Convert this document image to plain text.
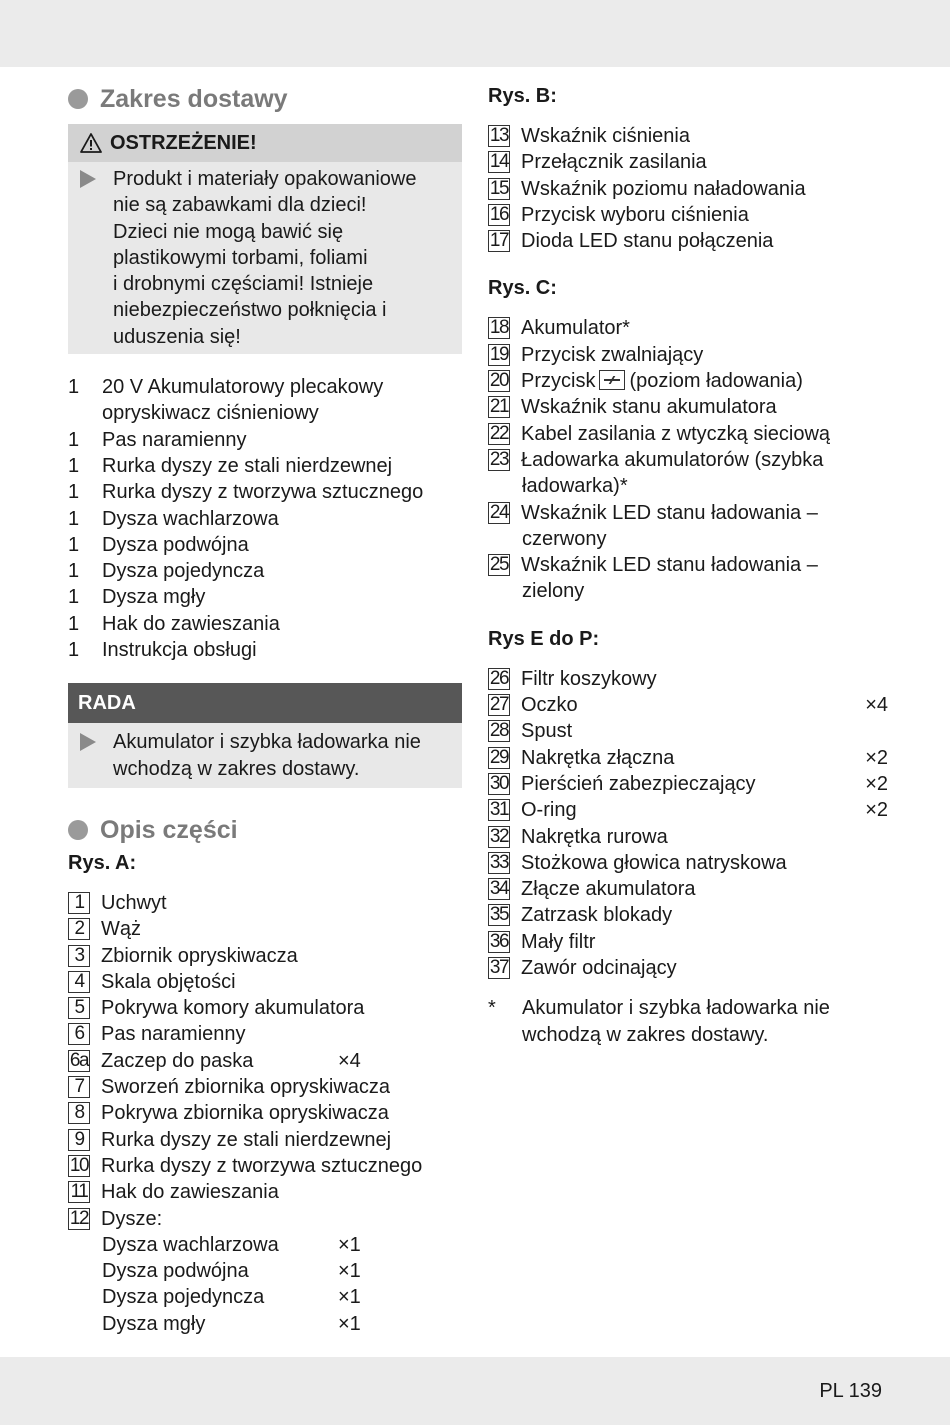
Zakres dostawy
OSTRZEŻENIE!
Produkt i materiały opakowaniowe
nie są zabawkami dla dzieci!
Dzieci nie mogą bawić się
plastikowymi torbami, foliami
i drobnymi częściami! Istnieje
niebezpieczeństwo połknięcia i
uduszenia się!
1	20 V Akumulatorowy plecakowy
opryskiwacz ciśnieniowy
1	Pas naramienny
1	Rurka dyszy ze stali nierdzewnej
1	Rurka dyszy z tworzywa sztucznego
1	Dysza wachlarzowa
1	Dysza podwójna
1	Dysza pojedyncza
1	Dysza mgły
1	Hak do zawieszania
1	Instrukcja obsługi
RADA
Akumulator i szybka ładowarka nie
wchodzą w zakres dostawy.
Opis części
Rys. A:
1 Uchwyt
2 Wąż
3 Zbiornik opryskiwacza
4 Skala objętości
5 Pokrywa komory akumulatora
6 Pas naramienny
6a Zaczep do paska	×4
7 Sworzeń zbiornika opryskiwacza
8 Pokrywa zbiornika opryskiwacza
9 Rurka dyszy ze stali nierdzewnej
10 Rurka dyszy z tworzywa sztucznego
11 Hak do zawieszania
12 Dysze:
Dysza wachlarzowa	×1
Dysza podwójna	×1
Dysza pojedyncza	×1
Dysza mgły	×1
Rys. B:
13 Wskaźnik ciśnienia
14 Przełącznik zasilania
15 Wskaźnik poziomu naładowania
16 Przycisk wyboru ciśnienia
17 Dioda LED stanu połączenia
Rys. C:
18 Akumulator*
19 Przycisk zwalniający
20 Przycisk (poziom ładowania)
21 Wskaźnik stanu akumulatora
22 Kabel zasilania z wtyczką sieciową
23 Ładowarka akumulatorów (szybka
ładowarka)*
24 Wskaźnik LED stanu ładowania –
czerwony
25 Wskaźnik LED stanu ładowania –
zielony
Rys E do P:
26 Filtr koszykowy
27 Oczko	×4
28 Spust
29 Nakrętka złączna	×2
30 Pierścień zabezpieczający	×2
31 O-ring	×2
32 Nakrętka rurowa
33 Stożkowa głowica natryskowa
34 Złącze akumulatora
35 Zatrzask blokady
36 Mały filtr
37 Zawór odcinający
*	Akumulator i szybka ładowarka nie
wchodzą w zakres dostawy.
PL 139
